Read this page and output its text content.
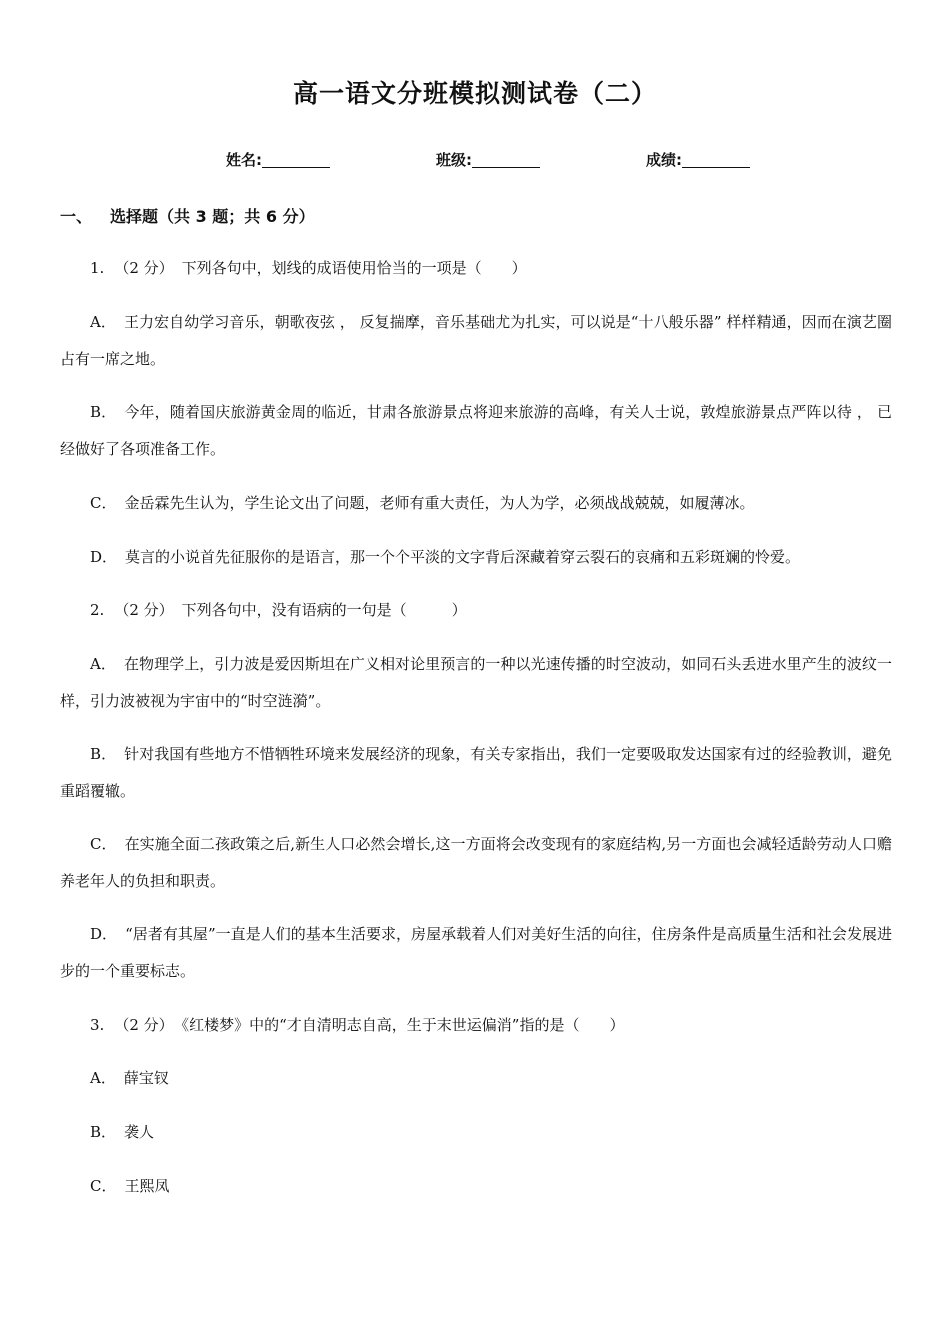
高一语文分班模拟测试卷（二）
姓名:	班级:	成绩:
一、 选择题（共 3 题；共 6 分）
1. （2 分） 下列各句中，划线的成语使用恰当的一项是（　　）
A． 王力宏自幼学习音乐，朝歌夜弦 ， 反复揣摩，音乐基础尤为扎实，可以说是“十八般乐器” 样样精通，因而在演艺圈占有一席之地。
B． 今年，随着国庆旅游黄金周的临近，甘肃各旅游景点将迎来旅游的高峰，有关人士说，敦煌旅游景点严阵以待 ， 已经做好了各项准备工作。
C． 金岳霖先生认为，学生论文出了问题，老师有重大责任，为人为学，必须战战兢兢，如履薄冰。
D． 莫言的小说首先征服你的是语言，那一个个平淡的文字背后深藏着穿云裂石的哀痛和五彩斑斓的怜爱。
2. （2 分） 下列各句中，没有语病的一句是（　　　）
A． 在物理学上，引力波是爱因斯坦在广义相对论里预言的一种以光速传播的时空波动，如同石头丢进水里产生的波纹一样，引力波被视为宇宙中的“时空涟漪”。
B． 针对我国有些地方不惜牺牲环境来发展经济的现象，有关专家指出，我们一定要吸取发达国家有过的经验教训，避免重蹈覆辙。
C． 在实施全面二孩政策之后,新生人口必然会增长,这一方面将会改变现有的家庭结构,另一方面也会减轻适龄劳动人口赡养老年人的负担和职责。
D． “居者有其屋”一直是人们的基本生活要求，房屋承载着人们对美好生活的向往，住房条件是高质量生活和社会发展进步的一个重要标志。
3. （2 分） 《红楼梦》中的“才自清明志自高，生于末世运偏消”指的是（　　）
A． 薛宝钗
B． 袭人
C． 王熙凤
